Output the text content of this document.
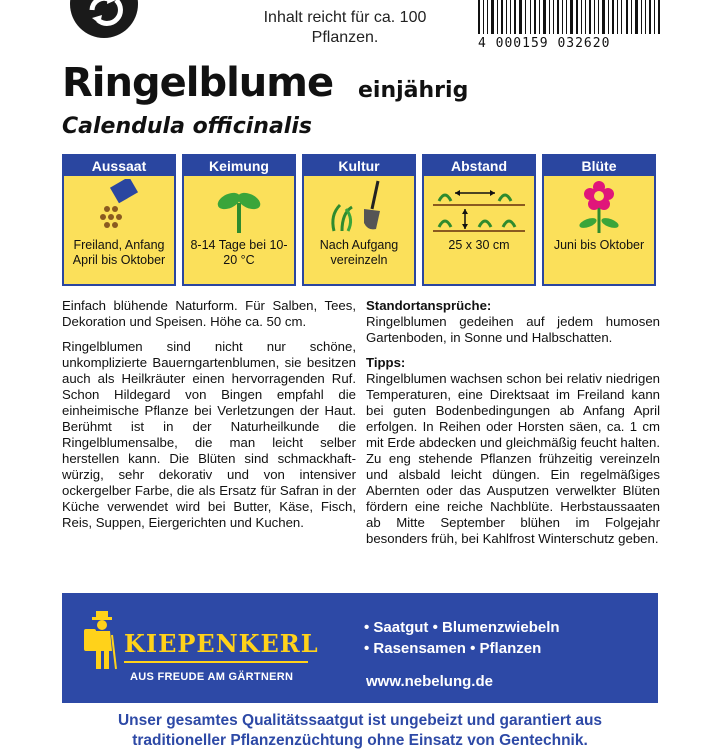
Inhalt reicht für ca. 100 Pflanzen.	4 000159 032620
Ringelblume einjährig
Calendula officinalis
Aussaat
Freiland, Anfang April bis Oktober
Keimung
8-14 Tage bei 10-20 °C
Kultur
Nach Aufgang vereinzeln
Abstand
25 x 30 cm
Blüte
Juni bis Oktober

Einfach blühende Naturform. Für Salben, Tees, Dekoration und Speisen. Höhe ca. 50 cm.

Ringelblumen sind nicht nur schöne, unkomplizierte Bauerngartenblumen, sie besitzen auch als Heilkräuter einen hervorragenden Ruf. Schon Hildegard von Bingen empfahl die einheimische Pflanze bei Verletzungen der Haut. Berühmt ist in der Naturheilkunde die Ringelblumensalbe, die man leicht selber herstellen kann. Die Blüten sind schmackhaft-würzig, sehr dekorativ und von intensiver ockergelber Farbe, die als Ersatz für Safran in der Küche verwendet wird bei Butter, Käse, Fisch, Reis, Suppen, Eiergerichten und Kuchen.

Standortansprüche:

Ringelblumen gedeihen auf jedem humosen Gartenboden, in Sonne und Halbschatten.

Tipps:

Ringelblumen wachsen schon bei relativ niedrigen Temperaturen, eine Direktsaat im Freiland kann bei guten Bodenbedingungen ab Anfang April erfolgen. In Reihen oder Horsten säen, ca. 1 cm mit Erde abdecken und gleichmäßig feucht halten. Zu eng stehende Pflanzen frühzeitig vereinzeln und alsbald leicht düngen. Ein regelmäßiges Abernten oder das Ausputzen verwelkter Blüten fördern eine reiche Nachblüte. Herbstaussaaten ab Mitte September blühen im Folgejahr besonders früh, bei Kahlfrost Winterschutz geben.

KIEPENKERL
AUS FREUDE AM GÄRTNERN
• Saatgut • Blumenzwiebeln
• Rasensamen • Pflanzen
www.nebelung.de
Unser gesamtes Qualitätssaatgut ist ungebeizt und garantiert aus
traditioneller Pflanzenzüchtung ohne Einsatz von Gentechnik.
